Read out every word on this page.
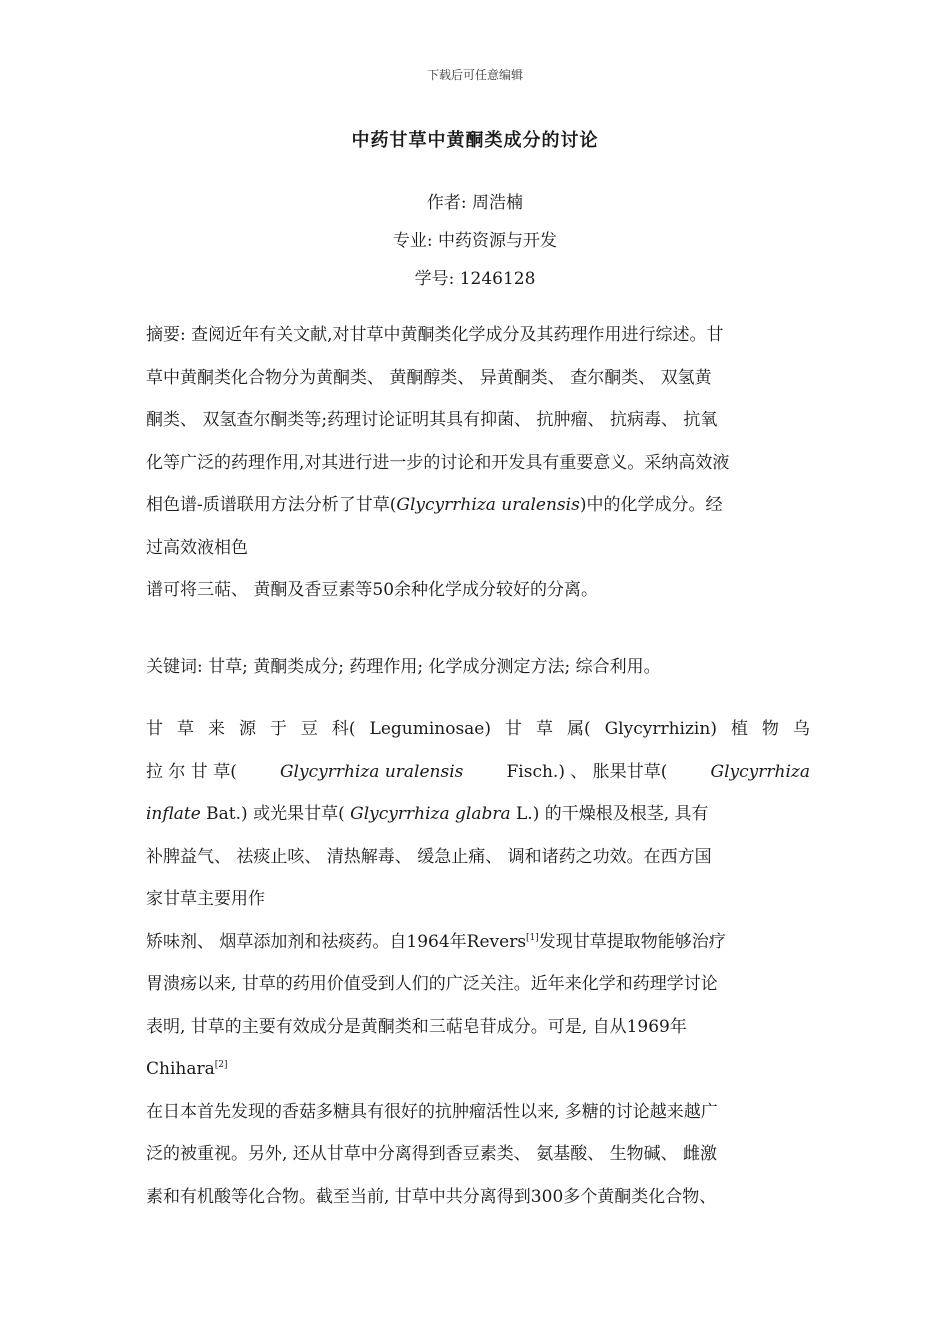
下载后可任意编辑
中药甘草中黄酮类成分的讨论
作者: 周浩楠
专业: 中药资源与开发
学号: 1246128
摘要: 查阅近年有关文献,对甘草中黄酮类化学成分及其药理作用进行综述。甘
草中黄酮类化合物分为黄酮类、 黄酮醇类、 异黄酮类、 查尔酮类、 双氢黄
酮类、 双氢查尔酮类等;药理讨论证明其具有抑菌、 抗肿瘤、 抗病毒、 抗氧
化等广泛的药理作用,对其进行进一步的讨论和开发具有重要意义。采纳高效液
相色谱-质谱联用方法分析了甘草(Glycyrrhiza uralensis)中的化学成分。经
过高效液相色
谱可将三萜、 黄酮及香豆素等50余种化学成分较好的分离。
关键词: 甘草; 黄酮类成分; 药理作用; 化学成分测定方法; 综合利用。
甘 草 来 源 于 豆 科( Leguminosae) 甘 草 属( Glycyrrhizin) 植 物 乌
拉 尔 甘 草(	Glycyrrhiza uralensis	Fisch.) 、 胀果甘草(	Glycyrrhiza
inflate Bat.) 或光果甘草( Glycyrrhiza glabra L.) 的干燥根及根茎, 具有
补脾益气、 祛痰止咳、 清热解毒、 缓急止痛、 调和诸药之功效。在西方国
家甘草主要用作
矫味剂、 烟草添加剂和祛痰药。自1964年Revers[1]发现甘草提取物能够治疗
胃溃疡以来, 甘草的药用价值受到人们的广泛关注。近年来化学和药理学讨论
表明, 甘草的主要有效成分是黄酮类和三萜皂苷成分。可是, 自从1969年
Chihara[2]
在日本首先发现的香菇多糖具有很好的抗肿瘤活性以来, 多糖的讨论越来越广
泛的被重视。另外, 还从甘草中分离得到香豆素类、 氨基酸、 生物碱、 雌激
素和有机酸等化合物。截至当前, 甘草中共分离得到300多个黄酮类化合物、
